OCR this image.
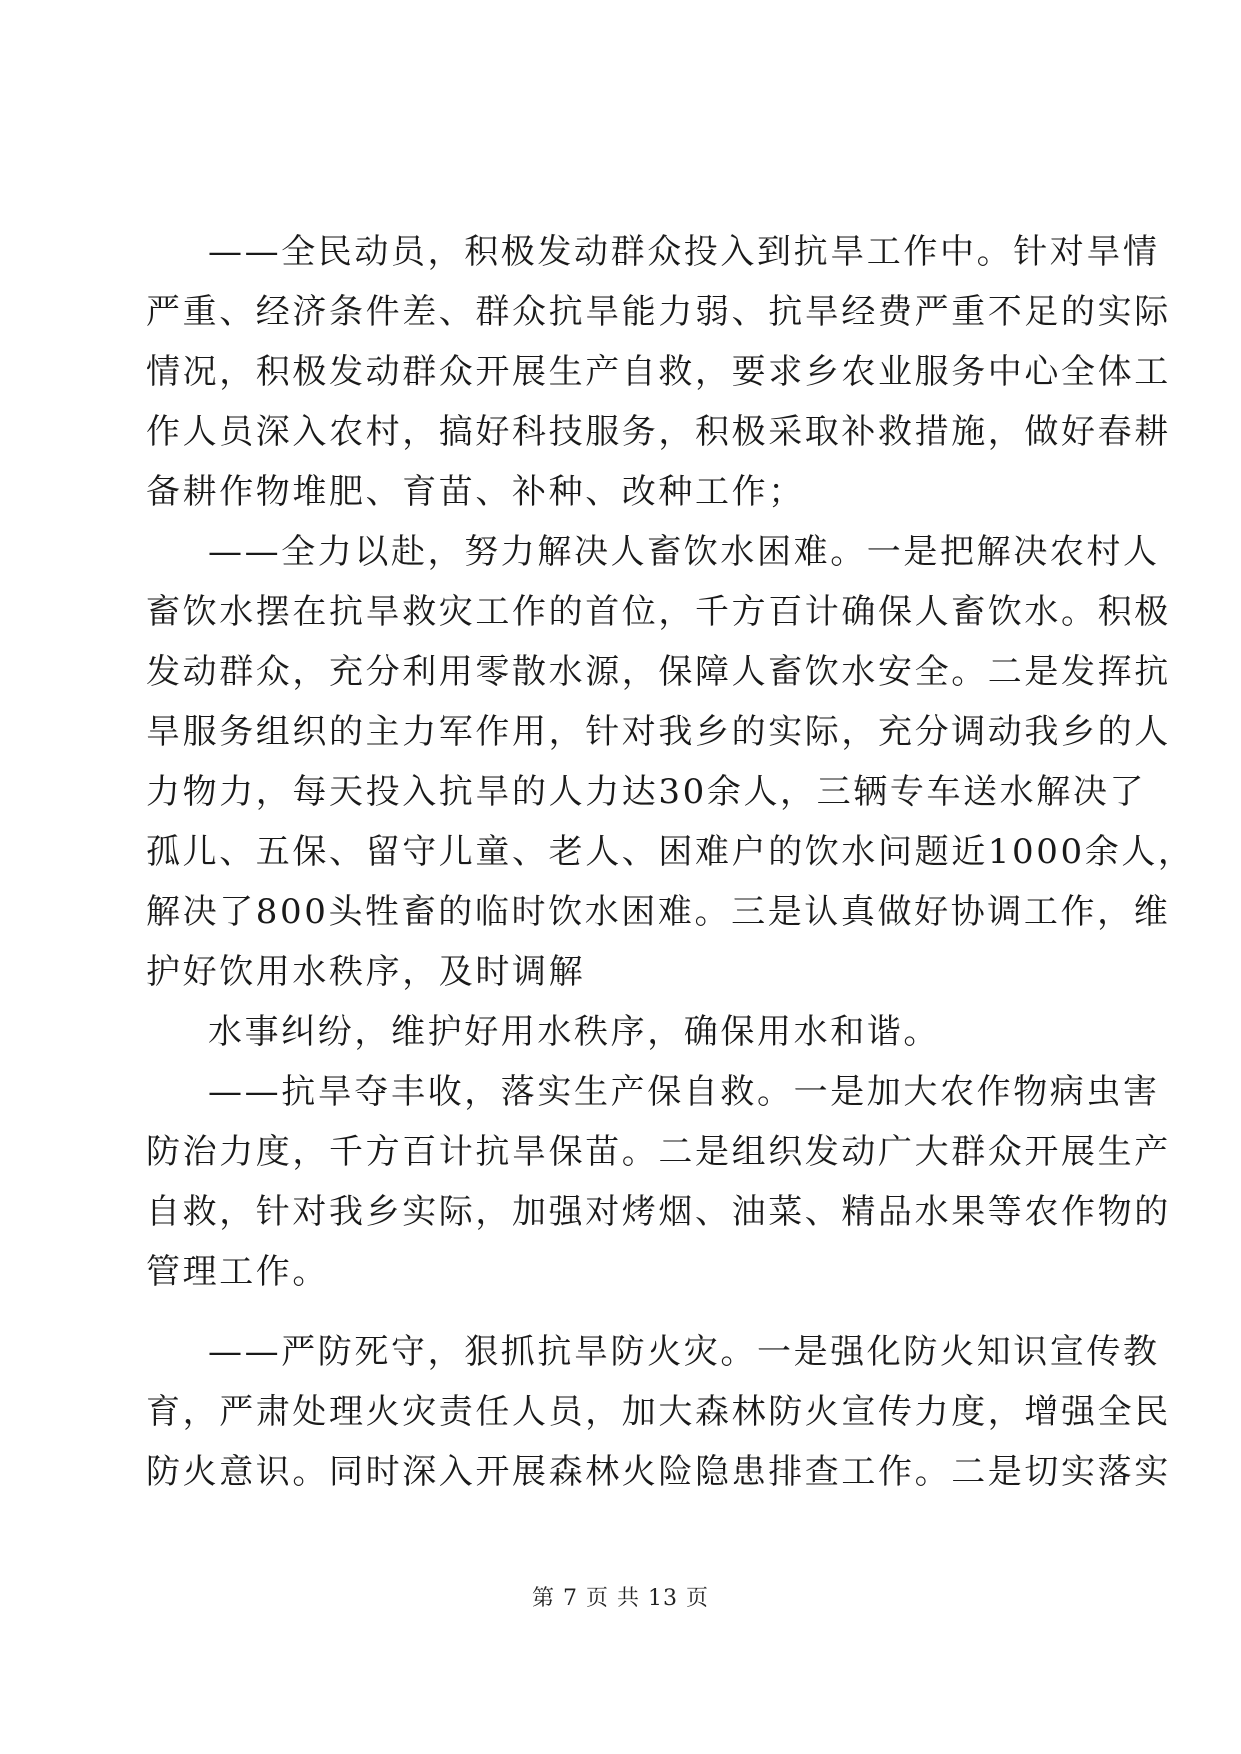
——全民动员，积极发动群众投入到抗旱工作中。针对旱情
严重、经济条件差、群众抗旱能力弱、抗旱经费严重不足的实际
情况，积极发动群众开展生产自救，要求乡农业服务中心全体工
作人员深入农村，搞好科技服务，积极采取补救措施，做好春耕
备耕作物堆肥、育苗、补种、改种工作；
——全力以赴，努力解决人畜饮水困难。一是把解决农村人
畜饮水摆在抗旱救灾工作的首位，千方百计确保人畜饮水。积极
发动群众，充分利用零散水源，保障人畜饮水安全。二是发挥抗
旱服务组织的主力军作用，针对我乡的实际，充分调动我乡的人
力物力，每天投入抗旱的人力达30余人，三辆专车送水解决了
孤儿、五保、留守儿童、老人、困难户的饮水问题近1000余人，
解决了800头牲畜的临时饮水困难。三是认真做好协调工作，维
护好饮用水秩序，及时调解
水事纠纷，维护好用水秩序，确保用水和谐。
——抗旱夺丰收，落实生产保自救。一是加大农作物病虫害
防治力度，千方百计抗旱保苗。二是组织发动广大群众开展生产
自救，针对我乡实际，加强对烤烟、油菜、精品水果等农作物的
管理工作。
——严防死守，狠抓抗旱防火灾。一是强化防火知识宣传教
育，严肃处理火灾责任人员，加大森林防火宣传力度，增强全民
防火意识。同时深入开展森林火险隐患排查工作。二是切实落实
第 7 页 共 13 页
